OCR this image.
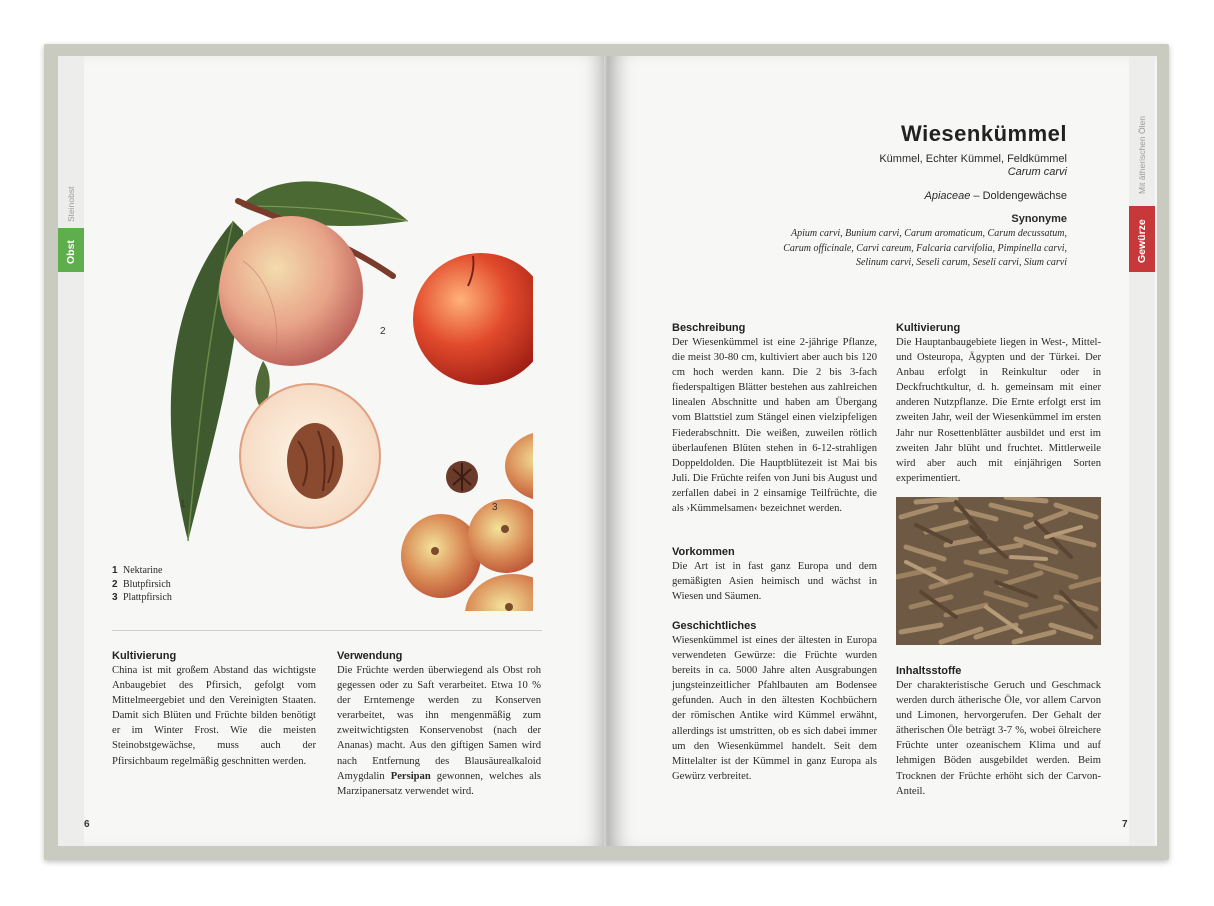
Obst
Steinobst
1
2
3
1 Nektarine
2 Blutpfirsich
3 Plattpfirsich
Kultivierung
China ist mit großem Abstand das wichtigste Anbaugebiet des Pfirsich, gefolgt vom Mittelmeergebiet und den Vereinigten Staaten. Damit sich Blüten und Früchte bilden benötigt er im Winter Frost. Wie die meisten Steinobstgewächse, muss auch der Pfirsichbaum regelmäßig geschnitten werden.
Verwendung
Die Früchte werden überwiegend als Obst roh gegessen oder zu Saft verarbeitet. Etwa 10 % der Erntemenge werden zu Konserven verarbeitet, was ihn mengenmäßig zum zweitwichtigsten Konservenobst (nach der Ananas) macht. Aus den giftigen Samen wird nach Entfernung des Blausäurealkaloid Amygdalin Persipan gewonnen, welches als Marzipanersatz verwendet wird.
6
Mit ätherischen Ölen
Gewürze
Wiesenkümmel
Kümmel, Echter Kümmel, Feldkümmel
Carum carvi
Apiaceae – Doldengewächse
Synonyme
Apium carvi, Bunium carvi, Carum aromaticum, Carum decussatum,
Carum officinale, Carvi careum, Falcaria carvifolia, Pimpinella carvi,
Selinum carvi, Seseli carum, Seseli carvi, Sium carvi
Beschreibung
Der Wiesenkümmel ist eine 2-jährige Pflanze, die meist 30-80 cm, kultiviert aber auch bis 120 cm hoch werden kann. Die 2 bis 3-fach fiederspaltigen Blätter bestehen aus zahlreichen linealen Abschnitte und haben am Übergang vom Blattstiel zum Stängel einen vielzipfeligen Fiederabschnitt. Die weißen, zuweilen rötlich überlaufenen Blüten stehen in 6-12-strahligen Doppeldolden. Die Hauptblütezeit ist Mai bis Juli. Die Früchte reifen von Juni bis August und zerfallen dabei in 2 einsamige Teilfrüchte, die als ›Kümmelsamen‹ bezeichnet werden.
Vorkommen
Die Art ist in fast ganz Europa und dem gemäßigten Asien heimisch und wächst in Wiesen und Säumen.
Geschichtliches
Wiesenkümmel ist eines der ältesten in Europa verwendeten Gewürze: die Früchte wurden bereits in ca. 5000 Jahre alten Ausgrabungen jungsteinzeitlicher Pfahlbauten am Bodensee gefunden. Auch in den ältesten Kochbüchern der römischen Antike wird Kümmel erwähnt, allerdings ist umstritten, ob es sich dabei immer um den Wiesenkümmel handelt. Seit dem Mittelalter ist der Kümmel in ganz Europa als Gewürz verbreitet.
Kultivierung
Die Hauptanbaugebiete liegen in West-, Mittel- und Osteuropa, Ägypten und der Türkei. Der Anbau erfolgt in Reinkultur oder in Deckfruchtkultur, d. h. gemeinsam mit einer anderen Nutzpflanze. Die Ernte erfolgt erst im zweiten Jahr, weil der Wiesenkümmel im ersten Jahr nur Rosettenblätter ausbildet und erst im zweiten Jahr blüht und fruchtet. Mittlerweile wird aber auch mit einjährigen Sorten experimentiert.
Inhaltsstoffe
Der charakteristische Geruch und Geschmack werden durch ätherische Öle, vor allem Carvon und Limonen, hervorgerufen. Der Gehalt der ätherischen Öle beträgt 3-7 %, wobei ölreichere Früchte unter ozeanischem Klima und auf lehmigen Böden ausgebildet werden. Beim Trocknen der Früchte erhöht sich der Carvon-Anteil.
7
